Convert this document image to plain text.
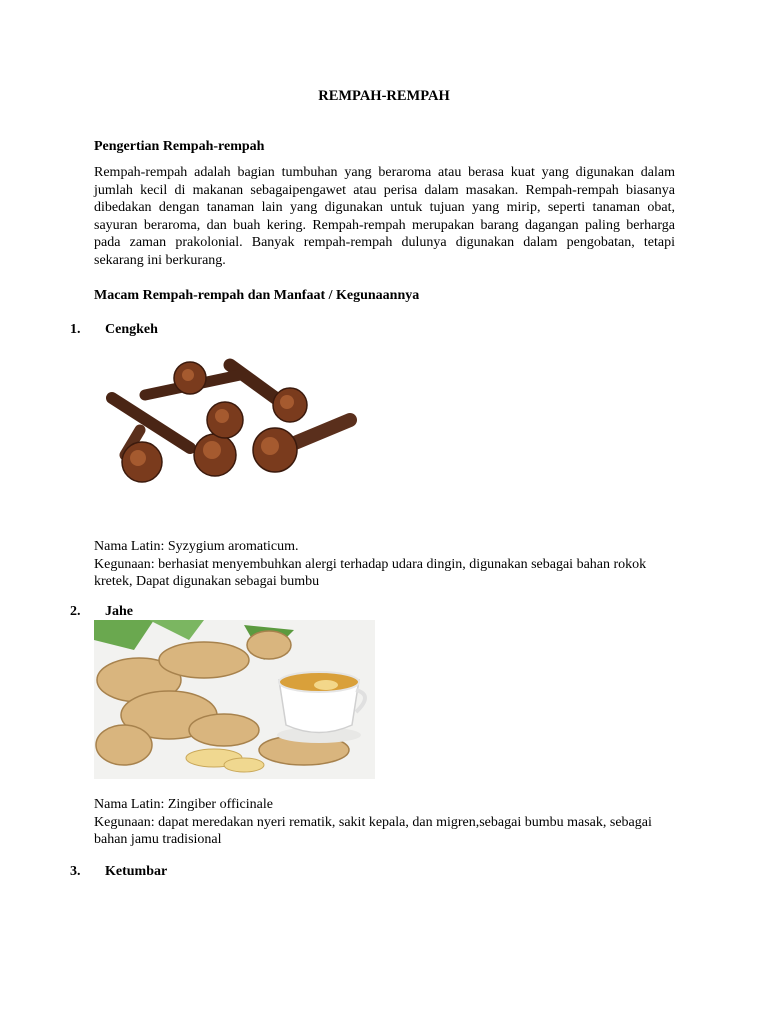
REMPAH-REMPAH
Pengertian Rempah-rempah
Rempah-rempah adalah bagian tumbuhan yang beraroma atau berasa kuat yang digunakan dalam jumlah kecil di makanan sebagaipengawet atau perisa dalam masakan. Rempah-rempah biasanya dibedakan dengan tanaman lain yang digunakan untuk tujuan yang mirip, seperti tanaman obat, sayuran beraroma, dan buah kering. Rempah-rempah merupakan barang dagangan paling berharga pada zaman prakolonial. Banyak rempah-rempah dulunya digunakan dalam pengobatan, tetapi sekarang ini berkurang.
Macam Rempah-rempah dan Manfaat / Kegunaannya
1. Cengkeh
Nama Latin: Syzygium aromaticum.
Kegunaan: berhasiat menyembuhkan alergi terhadap udara dingin, digunakan sebagai bahan rokok kretek, Dapat digunakan sebagai bumbu
2. Jahe
Nama Latin: Zingiber officinale
Kegunaan: dapat meredakan nyeri rematik, sakit kepala, dan migren,sebagai bumbu masak, sebagai bahan jamu tradisional
3. Ketumbar
